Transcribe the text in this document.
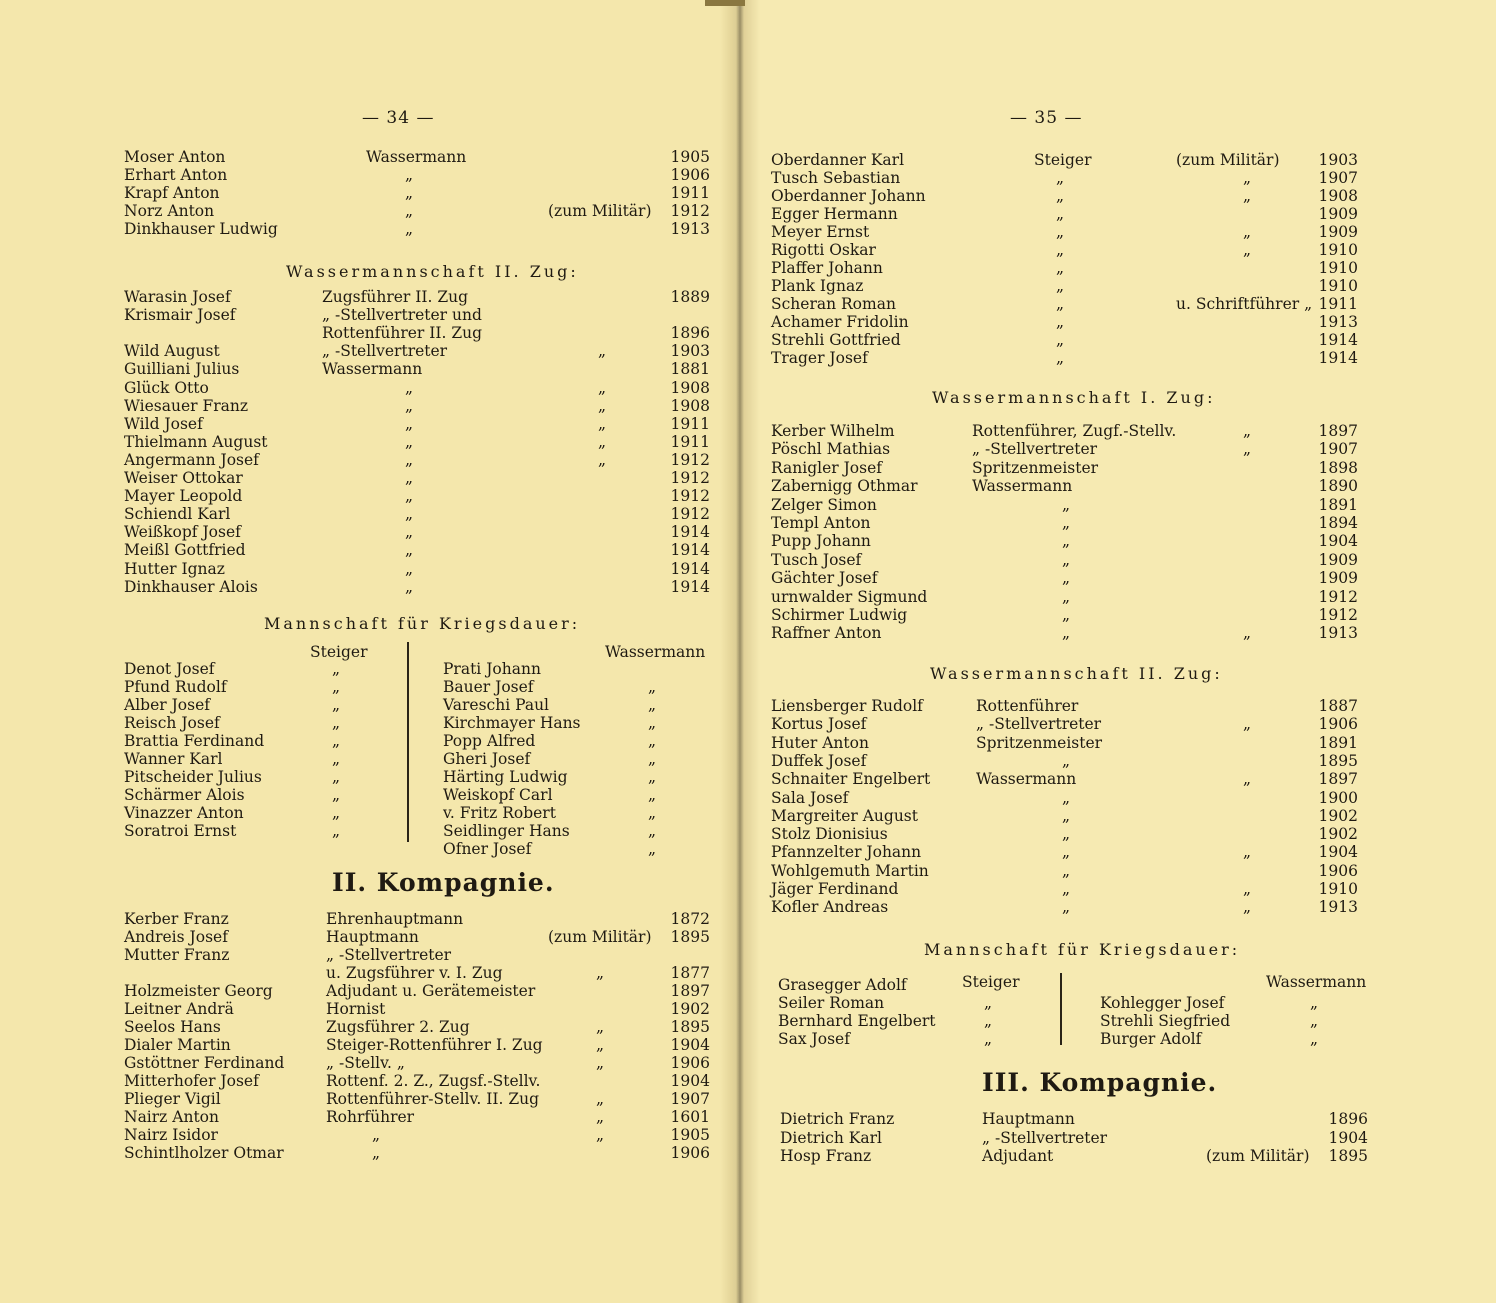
— 34 —
Moser Anton	Wassermann	1905
Erhart Anton	„	1906
Krapf Anton	„	1911
Norz Anton	„	(zum Militär)	1912
Dinkhauser Ludwig	„	1913
Wassermannschaft II. Zug:
Warasin Josef	Zugsführer II. Zug	1889
Krismair Josef	„ -Stellvertreter und
Rottenführer II. Zug	1896
Wild August	„ -Stellvertreter	„	1903
Guilliani Julius	Wassermann	1881
Glück Otto	„	„	1908
Wiesauer Franz	„	„	1908
Wild Josef	„	„	1911
Thielmann August	„	„	1911
Angermann Josef	„	„	1912
Weiser Ottokar	„	1912
Mayer Leopold	„	1912
Schiendl Karl	„	1912
Weißkopf Josef	„	1914
Meißl Gottfried	„	1914
Hutter Ignaz	„	1914
Dinkhauser Alois	„	1914
Mannschaft für Kriegsdauer:
Steiger	Wassermann
Denot Josef	„	Prati Johann
Pfund Rudolf	„	Bauer Josef	„
Alber Josef	„	Vareschi Paul	„
Reisch Josef	„	Kirchmayer Hans	„
Brattia Ferdinand	„	Popp Alfred	„
Wanner Karl	„	Gheri Josef	„
Pitscheider Julius	„	Härting Ludwig	„
Schärmer Alois	„	Weiskopf Carl	„
Vinazzer Anton	„	v. Fritz Robert	„
Soratroi Ernst	„	Seidlinger Hans	„
Ofner Josef	„
II. Kompagnie.
Kerber Franz	Ehrenhauptmann	1872
Andreis Josef	Hauptmann	(zum Militär)	1895
Mutter Franz	„ -Stellvertreter
u. Zugsführer v. I. Zug	„	1877
Holzmeister Georg	Adjudant u. Gerätemeister	1897
Leitner Andrä	Hornist	1902
Seelos Hans	Zugsführer 2. Zug	„	1895
Dialer Martin	Steiger-Rottenführer I. Zug	„	1904
Gstöttner Ferdinand	„ -Stellv. „	„	1906
Mitterhofer Josef	Rottenf. 2. Z., Zugsf.-Stellv.	1904
Plieger Vigil	Rottenführer-Stellv. II. Zug	„	1907
Nairz Anton	Rohrführer	„	1601
Nairz Isidor	„	„	1905
Schintlholzer Otmar	„	1906
— 35 —
Oberdanner Karl	Steiger	(zum Militär)	1903
Tusch Sebastian	„	„	1907
Oberdanner Johann	„	„	1908
Egger Hermann	„	1909
Meyer Ernst	„	„	1909
Rigotti Oskar	„	„	1910
Plaffer Johann	„	1910
Plank Ignaz	„	1910
Scheran Roman	„	u. Schriftführer „ 1911
Achamer Fridolin	„	1913
Strehli Gottfried	„	1914
Trager Josef	„	1914
Wassermannschaft I. Zug:
Kerber Wilhelm	Rottenführer, Zugf.-Stellv.	„	1897
Pöschl Mathias	„ -Stellvertreter	„	1907
Ranigler Josef	Spritzenmeister	1898
Zabernigg Othmar	Wassermann	1890
Zelger Simon	„	1891
Templ Anton	„	1894
Pupp Johann	„	1904
Tusch Josef	„	1909
Gächter Josef	„	1909
urnwalder Sigmund	„	1912
Schirmer Ludwig	„	1912
Raffner Anton	„	„	1913
Wassermannschaft II. Zug:
Liensberger Rudolf	Rottenführer	1887
Kortus Josef	„ -Stellvertreter	„	1906
Huter Anton	Spritzenmeister	1891
Duffek Josef	„	1895
Schnaiter Engelbert	Wassermann	„	1897
Sala Josef	„	1900
Margreiter August	„	1902
Stolz Dionisius	„	1902
Pfannzelter Johann	„	„	1904
Wohlgemuth Martin	„	1906
Jäger Ferdinand	„	„	1910
Kofler Andreas	„	„	1913
Mannschaft für Kriegsdauer:
Steiger	Wassermann
Grasegger Adolf
Seiler Roman	„	Kohlegger Josef	„
Bernhard Engelbert	„	Strehli Siegfried	„
Sax Josef	„	Burger Adolf	„
III. Kompagnie.
Dietrich Franz	Hauptmann	1896
Dietrich Karl	„ -Stellvertreter	1904
Hosp Franz	Adjudant	(zum Militär)	1895
